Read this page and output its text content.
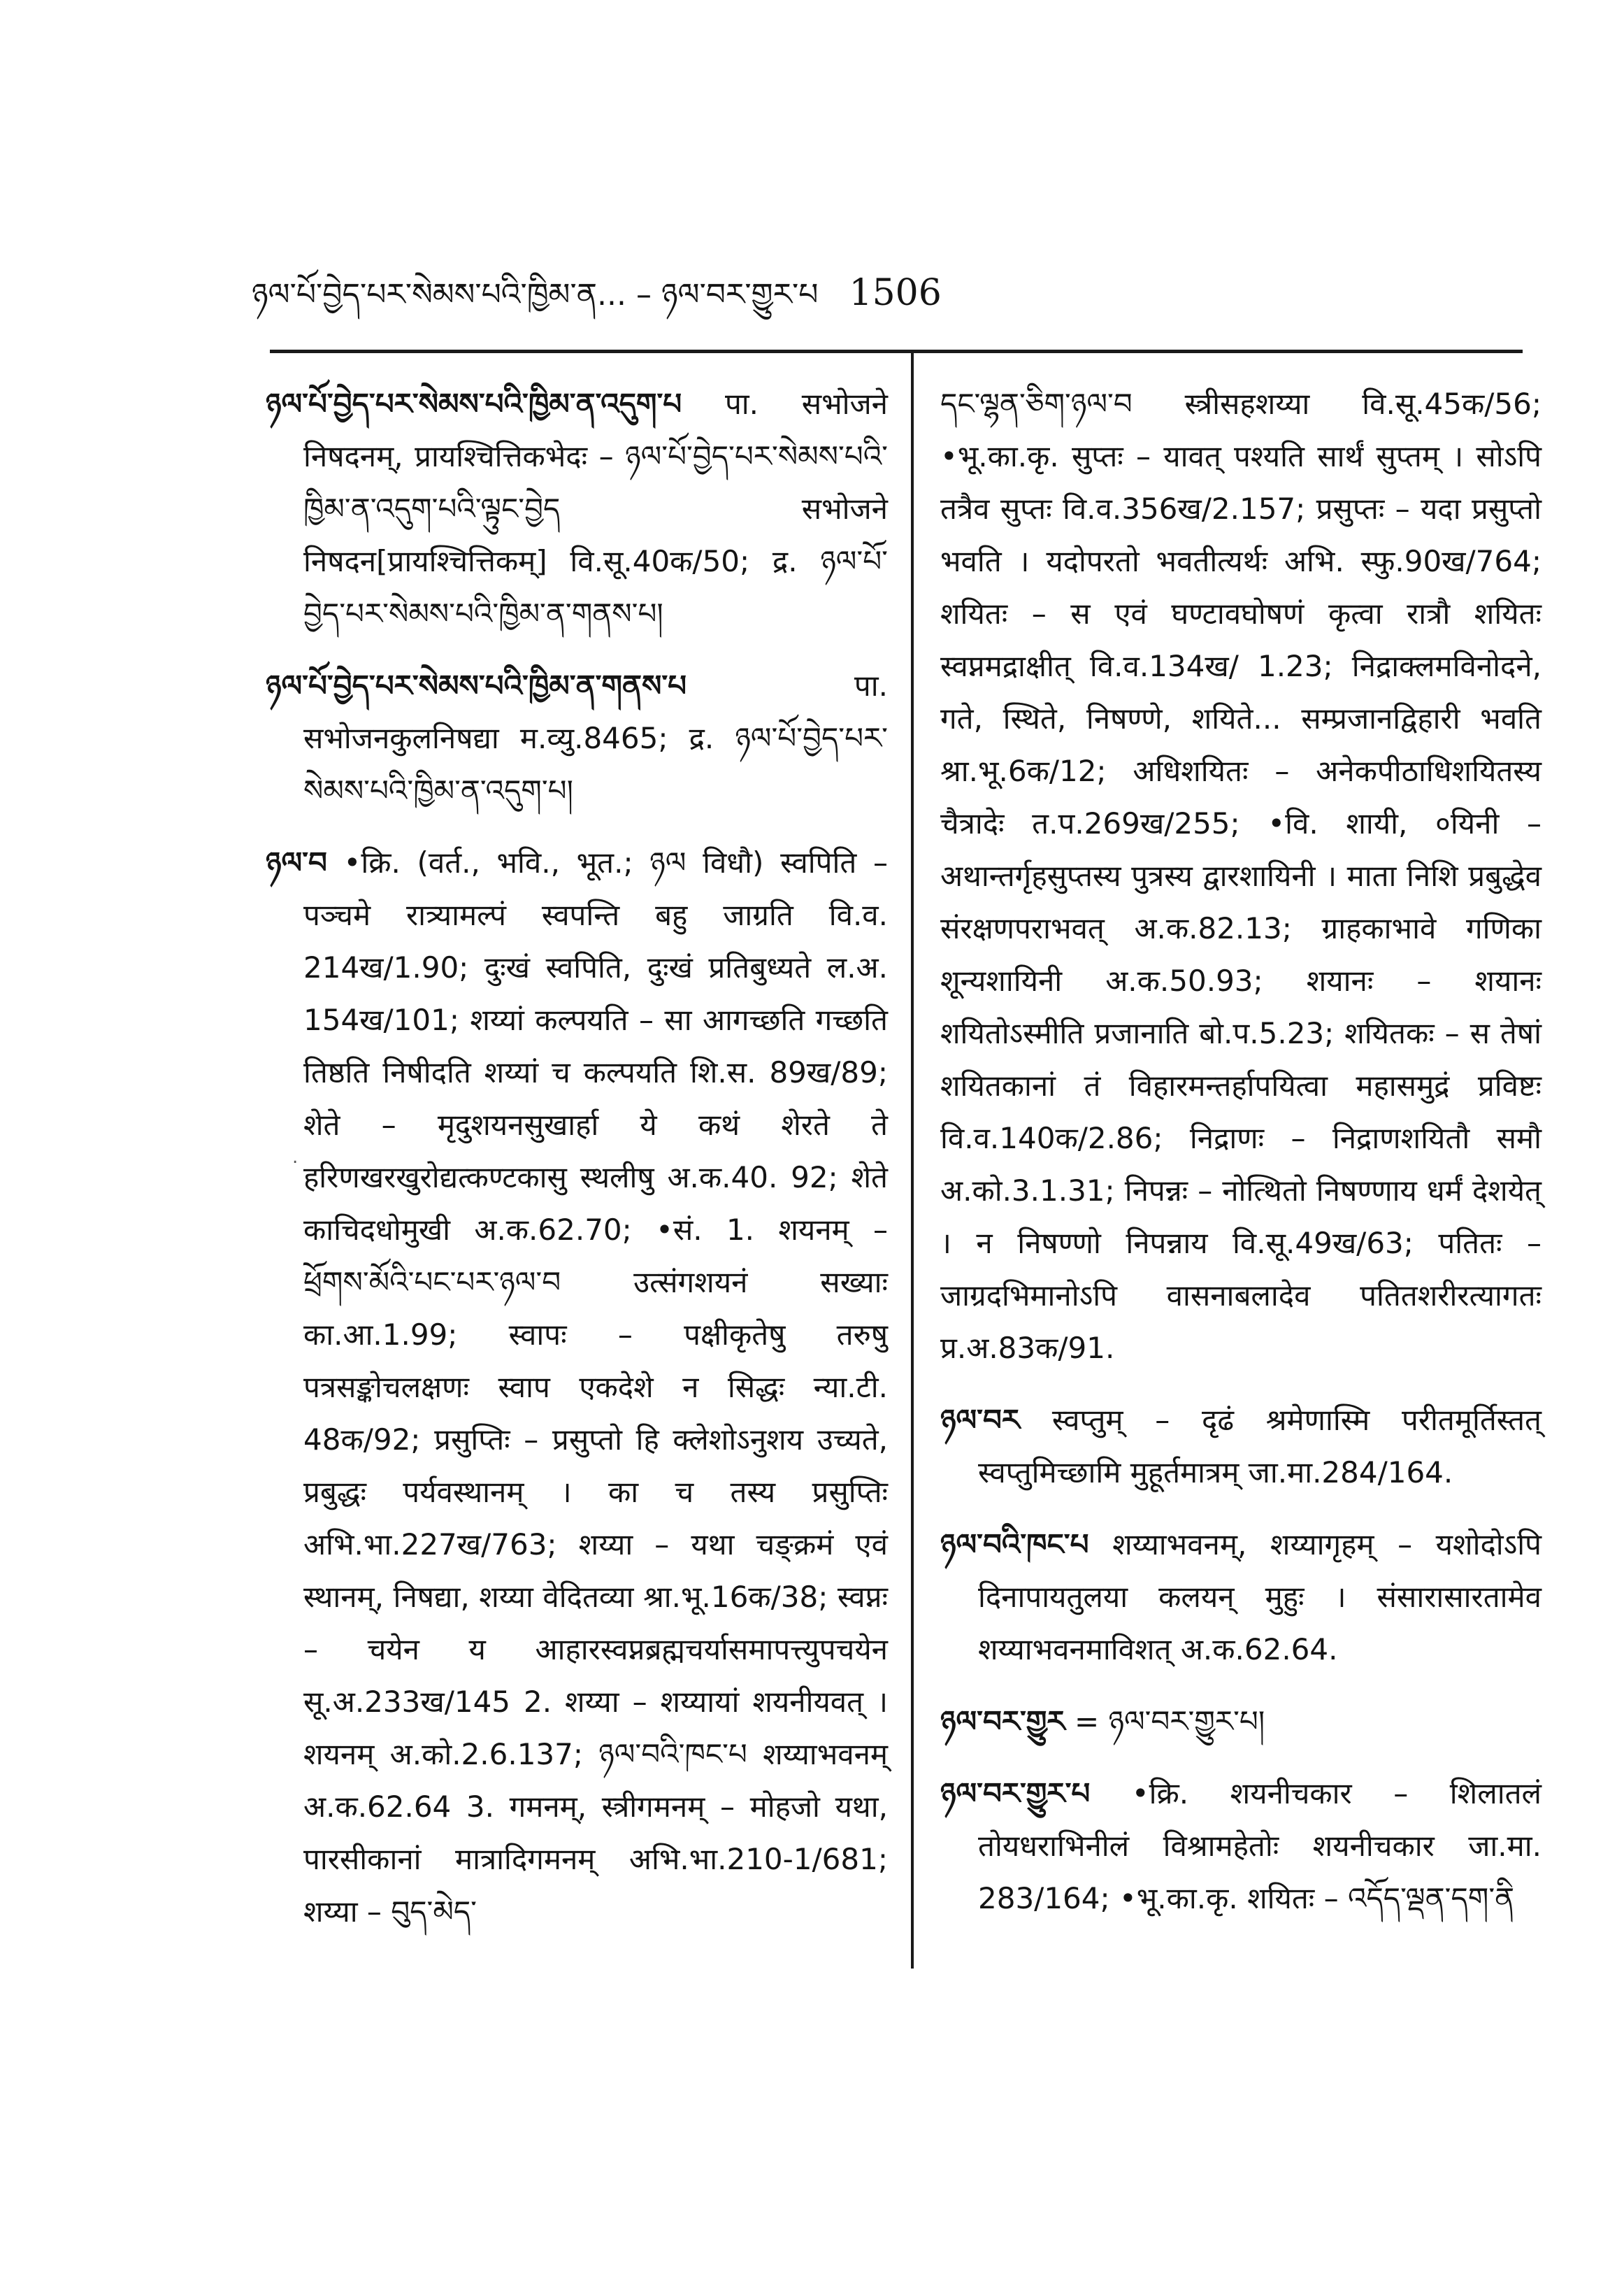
ཉལ་པོ་བྱེད་པར་སེམས་པའི་ཁྱིམ་ན... – ཉལ་བར་གྱུར་པ 1506

ཉལ་པོ་བྱེད་པར་སེམས་པའི་ཁྱིམ་ན་འདུག་པ पा. सभोजने निषदनम्, प्रायश्चित्तिकभेदः – ཉལ་པོ་བྱེད་པར་སེམས་པའི་ཁྱིམ་ན་འདུག་པའི་ལྟུང་བྱེད सभोजने निषदन[प्रायश्चित्तिकम्] वि.सू.40क/50; द्र. ཉལ་པོ་བྱེད་པར་སེམས་པའི་ཁྱིམ་ན་གནས་པ།

ཉལ་པོ་བྱེད་པར་སེམས་པའི་ཁྱིམ་ན་གནས་པ	पा. सभोजनकुलनिषद्या म.व्यु.8465; द्र. ཉལ་པོ་བྱེད་པར་སེམས་པའི་ཁྱིམ་ན་འདུག་པ།

ཉལ་བ •क्रि. (वर्त., भवि., भूत.; ཉལ विधौ) स्वपिति – पञ्चमे रात्र्यामल्पं स्वपन्ति बहु जाग्रति वि.व. 214ख/1.90; दुःखं स्वपिति, दुःखं प्रतिबुध्यते ल.अ. 154ख/101; शय्यां कल्पयति – सा आगच्छति गच्छति तिष्ठति निषीदति शय्यां च कल्पयति शि.स. 89ख/89; शेते – मृदुशयनसुखार्हा ये कथं शेरते ते हरिणखरखुरोद्यत्कण्टकासु स्थलीषु अ.क.40. 92; शेते काचिदधोमुखी अ.क.62.70; •सं. 1. शयनम् – ཕྲོགས་མོའི་པང་པར་ཉལ་བ उत्संगशयनं सख्याः का.आ.1.99; स्वापः – पक्षीकृतेषु तरुषु पत्रसङ्कोचलक्षणः स्वाप एकदेशे न सिद्धः न्या.टी. 48क/92; प्रसुप्तिः – प्रसुप्तो हि क्लेशोऽनुशय उच्यते, प्रबुद्धः पर्यवस्थानम् । का च तस्य प्रसुप्तिः अभि.भा.227ख/763; शय्या – यथा चङ्क्रमं एवं स्थानम्, निषद्या, शय्या वेदितव्या श्रा.भू.16क/38; स्वप्नः – चयेन य आहारस्वप्नब्रह्मचर्यासमापत्त्युपचयेन सू.अ.233ख/145 2. शय्या – शय्यायां शयनीयवत् । शयनम् अ.को.2.6.137; ཉལ་བའི་ཁང་པ शय्याभवनम् अ.क.62.64 3. गमनम्, स्त्रीगमनम् – मोहजो यथा, पारसीकानां मात्रादिगमनम् अभि.भा.210-1/681; शय्या – བུད་མེད་

དང་ལྷན་ཅིག་ཉལ་བ स्त्रीसहशय्या वि.सू.45क/56; •भू.का.कृ. सुप्तः – यावत् पश्यति सार्थं सुप्तम् । सोऽपि तत्रैव सुप्तः वि.व.356ख/2.157; प्रसुप्तः – यदा प्रसुप्तो भवति । यदोपरतो भवतीत्यर्थः अभि. स्फु.90ख/764; शयितः – स एवं घण्टावघोषणं कृत्वा रात्रौ शयितः स्वप्नमद्राक्षीत् वि.व.134ख/ 1.23; निद्राक्लमविनोदने, गते, स्थिते, निषण्णे, शयिते... सम्प्रजानद्विहारी भवति श्रा.भू.6क/12; अधिशयितः – अनेकपीठाधिशयितस्य चैत्रादेः त.प.269ख/255; •वि. शायी, ०यिनी – अथान्तर्गृहसुप्तस्य पुत्रस्य द्वारशायिनी । माता निशि प्रबुद्धेव संरक्षणपराभवत् अ.क.82.13; ग्राहकाभावे गणिका शून्यशायिनी अ.क.50.93; शयानः – शयानः शयितोऽस्मीति प्रजानाति बो.प.5.23; शयितकः – स तेषां शयितकानां तं विहारमन्तर्हापयित्वा महासमुद्रं प्रविष्टः वि.व.140क/2.86; निद्राणः – निद्राणशयितौ समौ अ.को.3.1.31; निपन्नः – नोत्थितो निषण्णाय धर्मं देशयेत् । न निषण्णो निपन्नाय वि.सू.49ख/63; पतितः – जाग्रदभिमानोऽपि वासनाबलादेव पतितशरीरत्यागतः प्र.अ.83क/91.

ཉལ་བར स्वप्तुम् – दृढं श्रमेणास्मि परीतमूर्तिस्तत् स्वप्तुमिच्छामि मुहूर्तमात्रम् जा.मा.284/164.

ཉལ་བའི་ཁང་པ शय्याभवनम्, शय्यागृहम् – यशोदोऽपि दिनापायतुलया कलयन् मुहुः । संसारासारतामेव शय्याभवनमाविशत् अ.क.62.64.

ཉལ་བར་གྱུར = ཉལ་བར་གྱུར་པ།

ཉལ་བར་གྱུར་པ •क्रि. शयनीचकार – शिलातलं तोयधराभिनीलं विश्रामहेतोः शयनीचकार जा.मा. 283/164; •भू.का.कृ. शयितः – འདོད་ལྡན་དག་ནི

.
